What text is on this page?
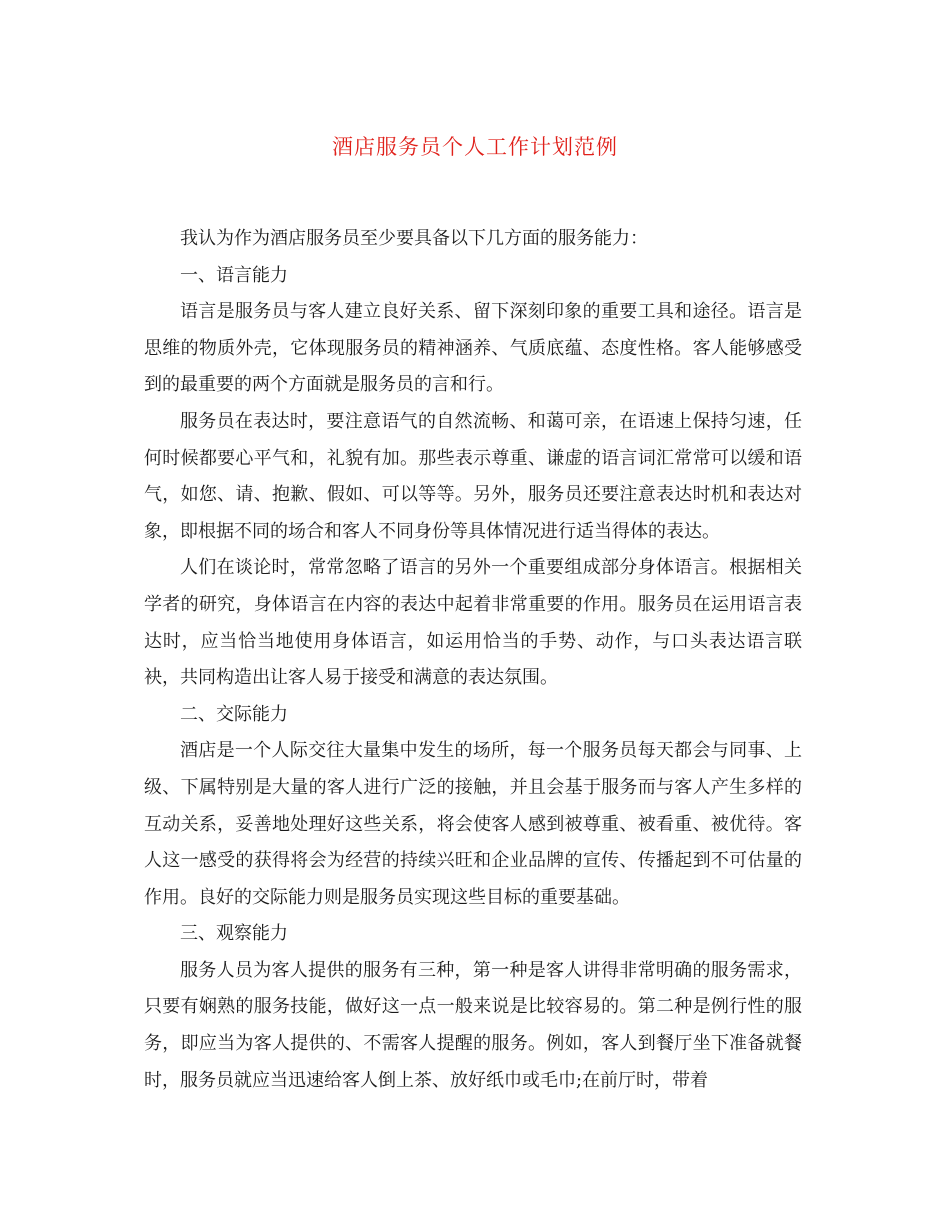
酒店服务员个人工作计划范例

我认为作为酒店服务员至少要具备以下几方面的服务能力：

一、语言能力

语言是服务员与客人建立良好关系、留下深刻印象的重要工具和途径。语言是思维的物质外壳，它体现服务员的精神涵养、气质底蕴、态度性格。客人能够感受到的最重要的两个方面就是服务员的言和行。

服务员在表达时，要注意语气的自然流畅、和蔼可亲，在语速上保持匀速，任何时候都要心平气和，礼貌有加。那些表示尊重、谦虚的语言词汇常常可以缓和语气，如您、请、抱歉、假如、可以等等。另外，服务员还要注意表达时机和表达对象，即根据不同的场合和客人不同身份等具体情况进行适当得体的表达。

人们在谈论时，常常忽略了语言的另外一个重要组成部分身体语言。根据相关学者的研究，身体语言在内容的表达中起着非常重要的作用。服务员在运用语言表达时，应当恰当地使用身体语言，如运用恰当的手势、动作，与口头表达语言联袂，共同构造出让客人易于接受和满意的表达氛围。

二、交际能力

酒店是一个人际交往大量集中发生的场所，每一个服务员每天都会与同事、上级、下属特别是大量的客人进行广泛的接触，并且会基于服务而与客人产生多样的互动关系，妥善地处理好这些关系，将会使客人感到被尊重、被看重、被优待。客人这一感受的获得将会为经营的持续兴旺和企业品牌的宣传、传播起到不可估量的作用。良好的交际能力则是服务员实现这些目标的重要基础。

三、观察能力

服务人员为客人提供的服务有三种，第一种是客人讲得非常明确的服务需求，只要有娴熟的服务技能，做好这一点一般来说是比较容易的。第二种是例行性的服务，即应当为客人提供的、不需客人提醒的服务。例如，客人到餐厅坐下准备就餐时，服务员就应当迅速给客人倒上茶、放好纸巾或毛巾;在前厅时，带着
